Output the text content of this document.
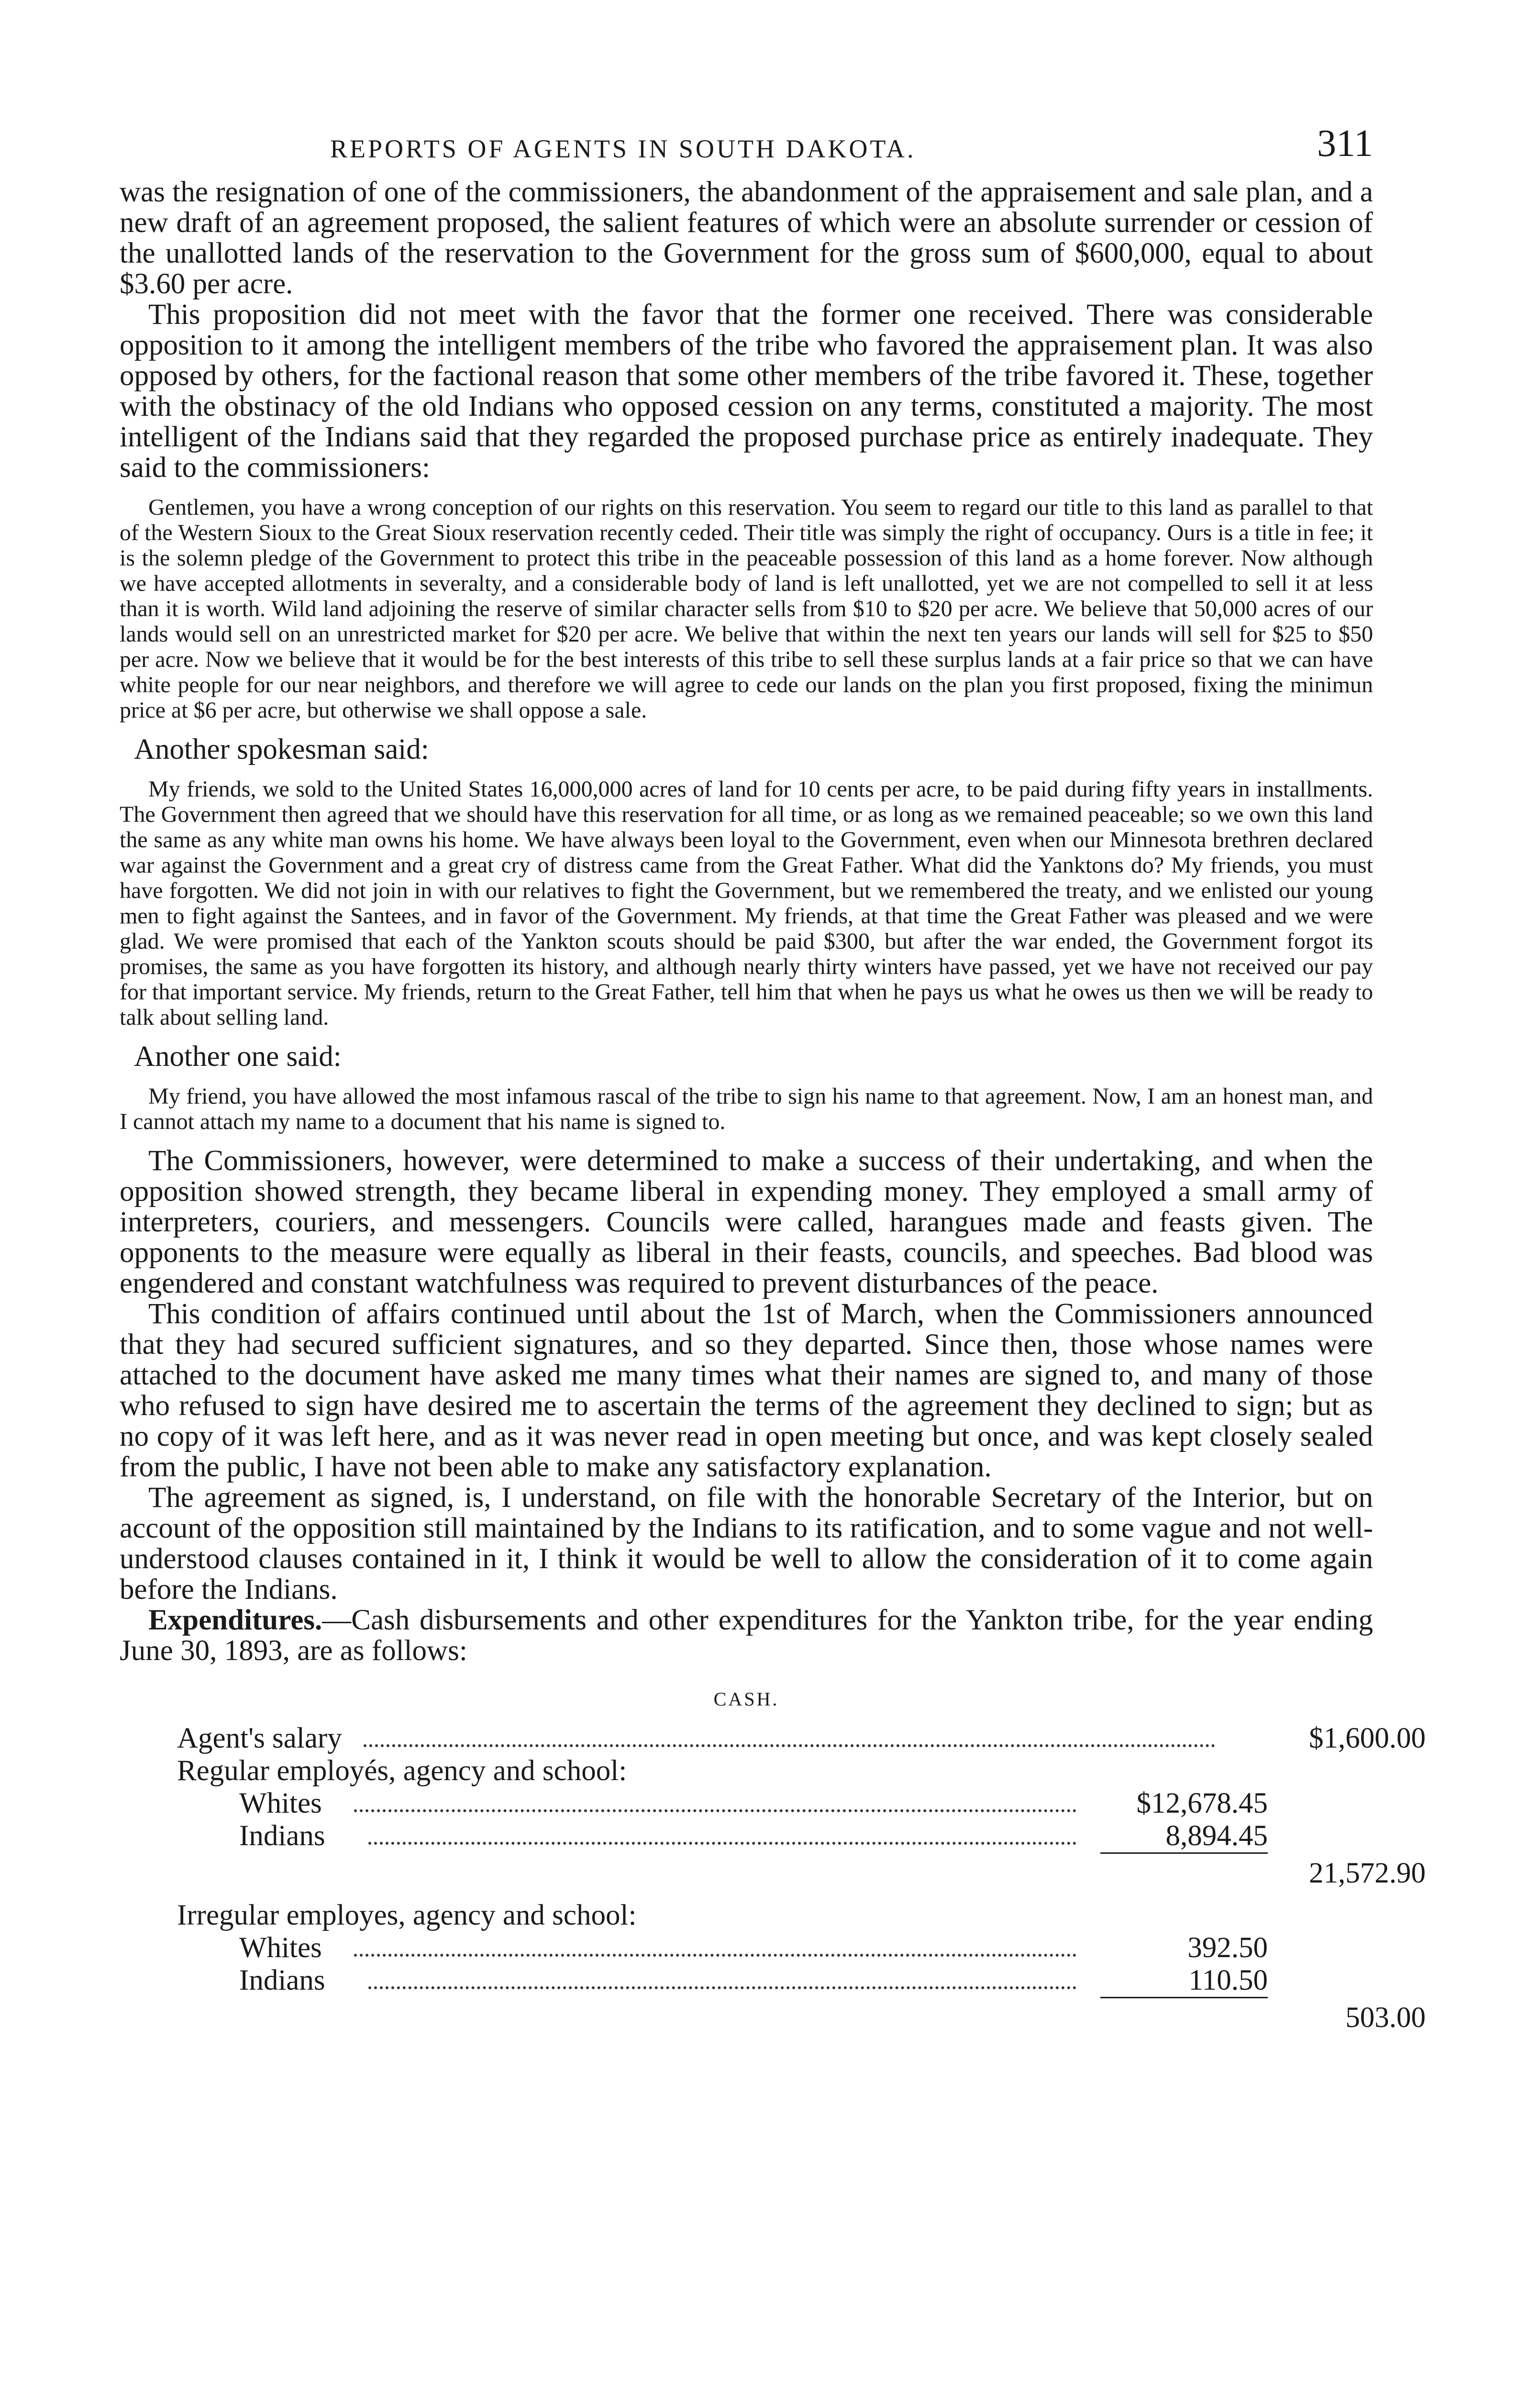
REPORTS OF AGENTS IN SOUTH DAKOTA.	311

was the resignation of one of the commissioners, the abandonment of the appraisement and sale plan, and a new draft of an agreement proposed, the salient features of which were an absolute surrender or cession of the unallotted lands of the reservation to the Government for the gross sum of $600,000, equal to about $3.60 per acre.

This proposition did not meet with the favor that the former one received. There was considerable opposition to it among the intelligent members of the tribe who favored the appraisement plan. It was also opposed by others, for the factional reason that some other members of the tribe favored it. These, together with the obstinacy of the old Indians who opposed cession on any terms, constituted a majority. The most intelligent of the Indians said that they regarded the proposed purchase price as entirely inadequate. They said to the commissioners:

Gentlemen, you have a wrong conception of our rights on this reservation. You seem to regard our title to this land as parallel to that of the Western Sioux to the Great Sioux reservation recently ceded. Their title was simply the right of occupancy. Ours is a title in fee; it is the solemn pledge of the Government to protect this tribe in the peaceable possession of this land as a home forever. Now although we have accepted allotments in severalty, and a considerable body of land is left unallotted, yet we are not compelled to sell it at less than it is worth. Wild land adjoining the reserve of similar character sells from $10 to $20 per acre. We believe that 50,000 acres of our lands would sell on an unrestricted market for $20 per acre. We belive that within the next ten years our lands will sell for $25 to $50 per acre. Now we believe that it would be for the best interests of this tribe to sell these surplus lands at a fair price so that we can have white people for our near neighbors, and therefore we will agree to cede our lands on the plan you first proposed, fixing the minimun price at $6 per acre, but otherwise we shall oppose a sale.

Another spokesman said:

My friends, we sold to the United States 16,000,000 acres of land for 10 cents per acre, to be paid during fifty years in installments. The Government then agreed that we should have this reservation for all time, or as long as we remained peaceable; so we own this land the same as any white man owns his home. We have always been loyal to the Government, even when our Minnesota brethren declared war against the Government and a great cry of distress came from the Great Father. What did the Yanktons do? My friends, you must have forgotten. We did not join in with our relatives to fight the Government, but we remembered the treaty, and we enlisted our young men to fight against the Santees, and in favor of the Government. My friends, at that time the Great Father was pleased and we were glad. We were promised that each of the Yankton scouts should be paid $300, but after the war ended, the Government forgot its promises, the same as you have forgotten its history, and although nearly thirty winters have passed, yet we have not received our pay for that important service. My friends, return to the Great Father, tell him that when he pays us what he owes us then we will be ready to talk about selling land.

Another one said:

My friend, you have allowed the most infamous rascal of the tribe to sign his name to that agreement. Now, I am an honest man, and I cannot attach my name to a document that his name is signed to.

The Commissioners, however, were determined to make a success of their undertaking, and when the opposition showed strength, they became liberal in expending money. They employed a small army of interpreters, couriers, and messengers. Councils were called, harangues made and feasts given. The opponents to the measure were equally as liberal in their feasts, councils, and speeches. Bad blood was engendered and constant watchfulness was required to prevent disturbances of the peace.

This condition of affairs continued until about the 1st of March, when the Commissioners announced that they had secured sufficient signatures, and so they departed. Since then, those whose names were attached to the document have asked me many times what their names are signed to, and many of those who refused to sign have desired me to ascertain the terms of the agreement they declined to sign; but as no copy of it was left here, and as it was never read in open meeting but once, and was kept closely sealed from the public, I have not been able to make any satisfactory explanation.

The agreement as signed, is, I understand, on file with the honorable Secretary of the Interior, but on account of the opposition still maintained by the Indians to its ratification, and to some vague and not well-understood clauses contained in it, I think it would be well to allow the consideration of it to come again before the Indians.

Expenditures.—Cash disbursements and other expenditures for the Yankton tribe, for the year ending June 30, 1893, are as follows:

CASH.
Agent's salary	$1,600.00
Regular employés, agency and school:
Whites	$12,678.45
Indians	8,894.45
21,572.90
Irregular employes, agency and school:
Whites	392.50
Indians	110.50
503.00
